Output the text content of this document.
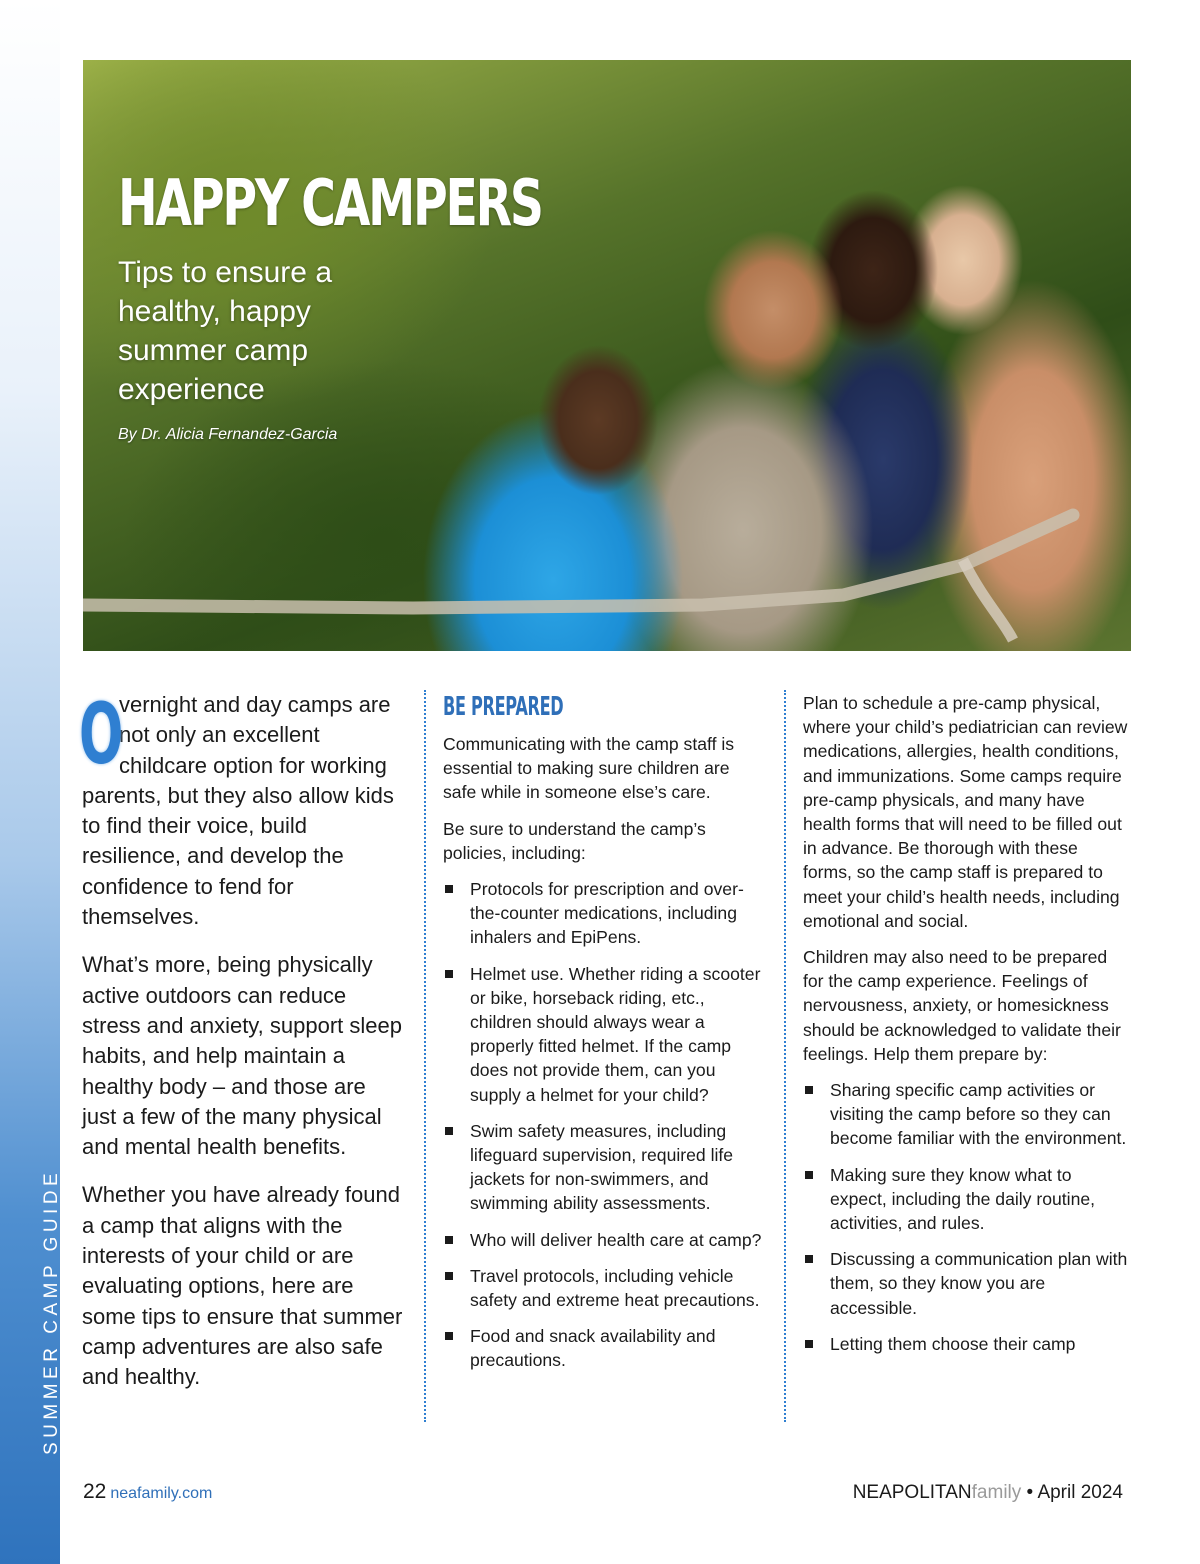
SUMMER CAMP GUIDE
HAPPY CAMPERS
Tips to ensure a healthy, happy summer camp experience
By Dr. Alicia Fernandez-Garcia

O
vernight and day camps are not only an excellent childcare option for working parents, but they also allow kids to find their voice, build resilience, and develop the confidence to fend for themselves.

What’s more, being physically active outdoors can reduce stress and anxiety, support sleep habits, and help maintain a healthy body – and those are just a few of the many physical and mental health benefits.

Whether you have already found a camp that aligns with the interests of your child or are evaluating options, here are some tips to ensure that summer camp adventures are also safe and healthy.

BE PREPARED

Communicating with the camp staff is essential to making sure children are safe while in someone else’s care.

Be sure to understand the camp’s policies, including:

Protocols for prescription and over-the-counter medications, including inhalers and EpiPens.
Helmet use. Whether riding a scooter or bike, horseback riding, etc., children should always wear a properly fitted helmet. If the camp does not provide them, can you supply a helmet for your child?
Swim safety measures, including lifeguard supervision, required life jackets for non-swimmers, and swimming ability assessments.
Who will deliver health care at camp?
Travel protocols, including vehicle safety and extreme heat precautions.
Food and snack availability and precautions.

Plan to schedule a pre-camp physical, where your child’s pediatrician can review medications, allergies, health conditions, and immunizations. Some camps require pre-camp physicals, and many have health forms that will need to be filled out in advance. Be thorough with these forms, so the camp staff is prepared to meet your child’s health needs, including emotional and social.

Children may also need to be prepared for the camp experience. Feelings of nervousness, anxiety, or homesickness should be acknowledged to validate their feelings. Help them prepare by:

Sharing specific camp activities or visiting the camp before so they can become familiar with the environment.
Making sure they know what to expect, including the daily routine, activities, and rules.
Discussing a communication plan with them, so they know you are accessible.
Letting them choose their camp
22 neafamily.com	NEAPOLITANfamily • April 2024
